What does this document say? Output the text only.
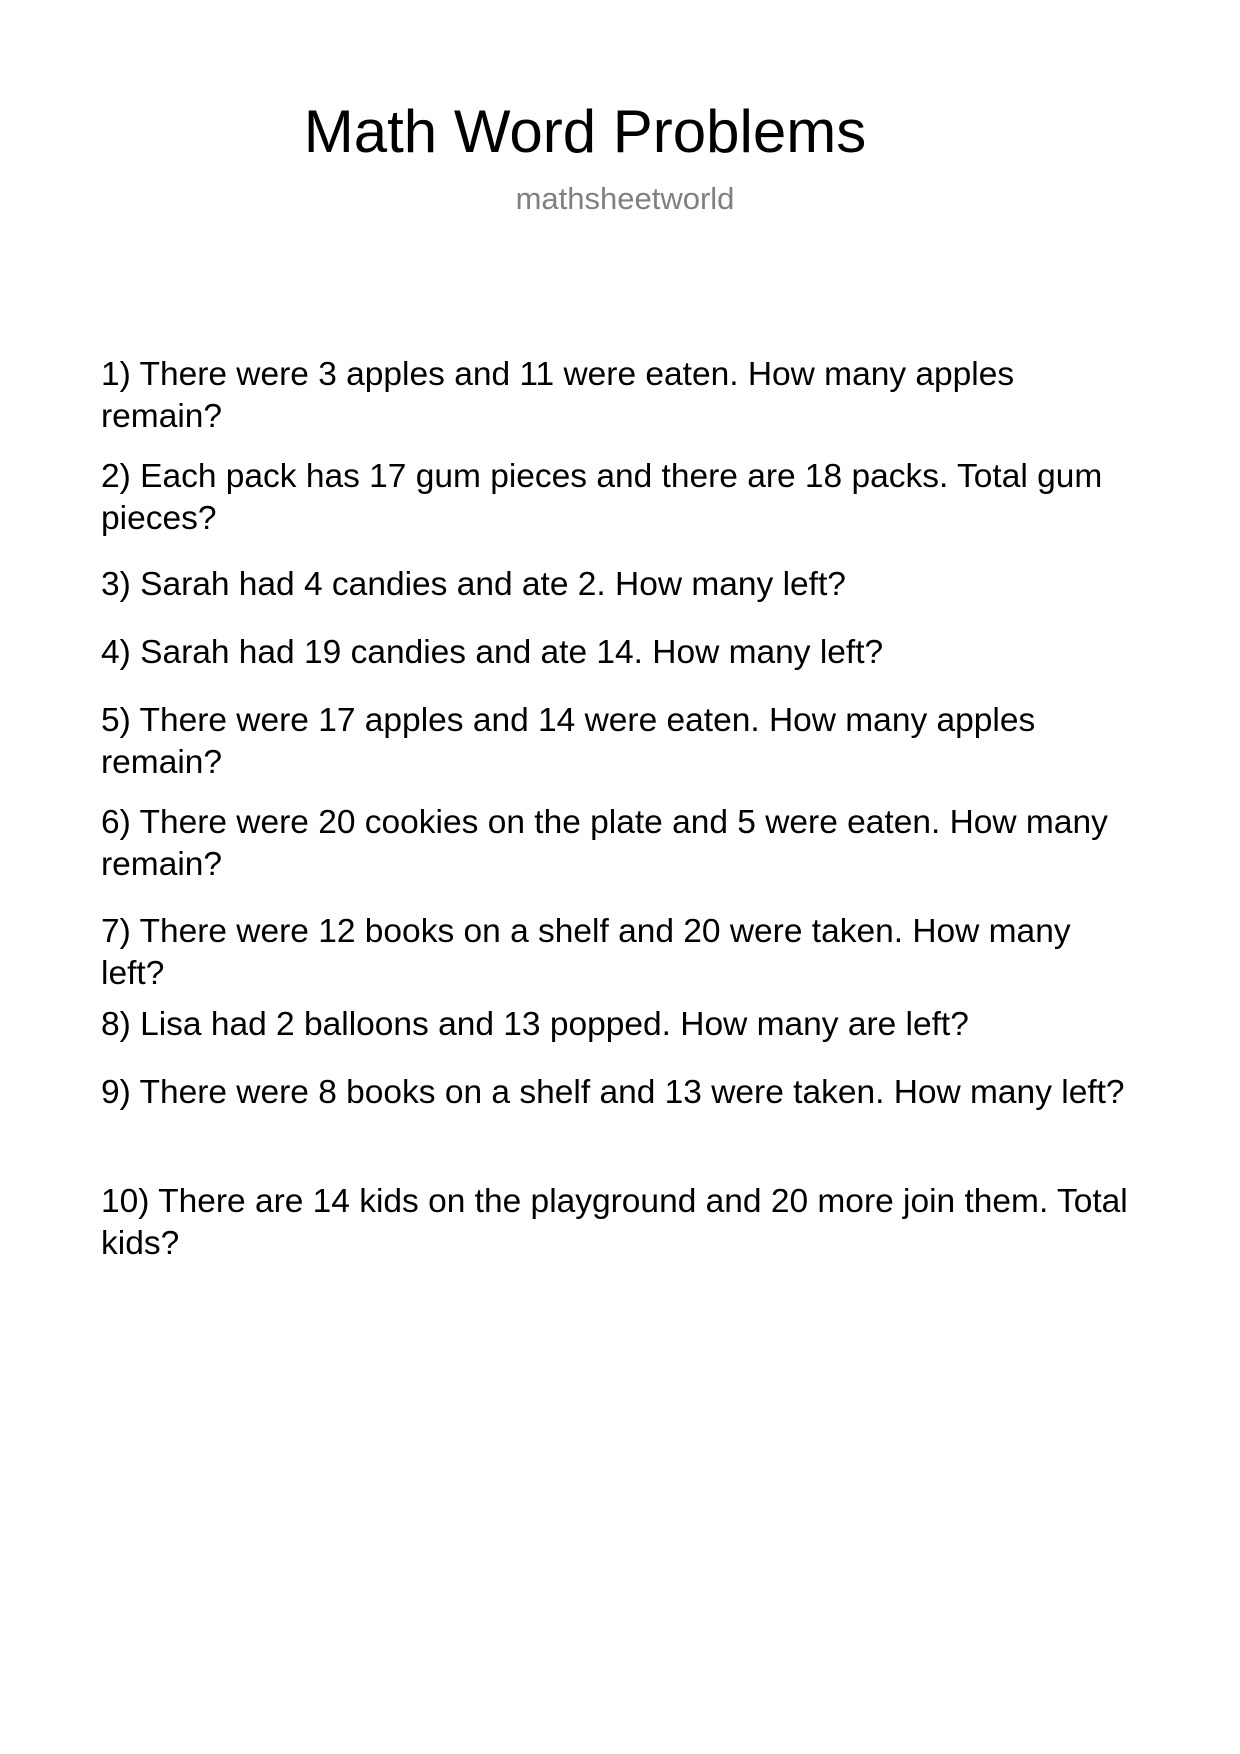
Math Word Problems
mathsheetworld
1) There were 3 apples and 11 were eaten. How many apples remain?
2) Each pack has 17 gum pieces and there are 18 packs. Total gum pieces?
3) Sarah had 4 candies and ate 2. How many left?
4) Sarah had 19 candies and ate 14. How many left?
5) There were 17 apples and 14 were eaten. How many apples remain?
6) There were 20 cookies on the plate and 5 were eaten. How many remain?
7) There were 12 books on a shelf and 20 were taken. How many left?
8) Lisa had 2 balloons and 13 popped. How many are left?
9) There were 8 books on a shelf and 13 were taken. How many left?
10) There are 14 kids on the playground and 20 more join them. Total kids?
